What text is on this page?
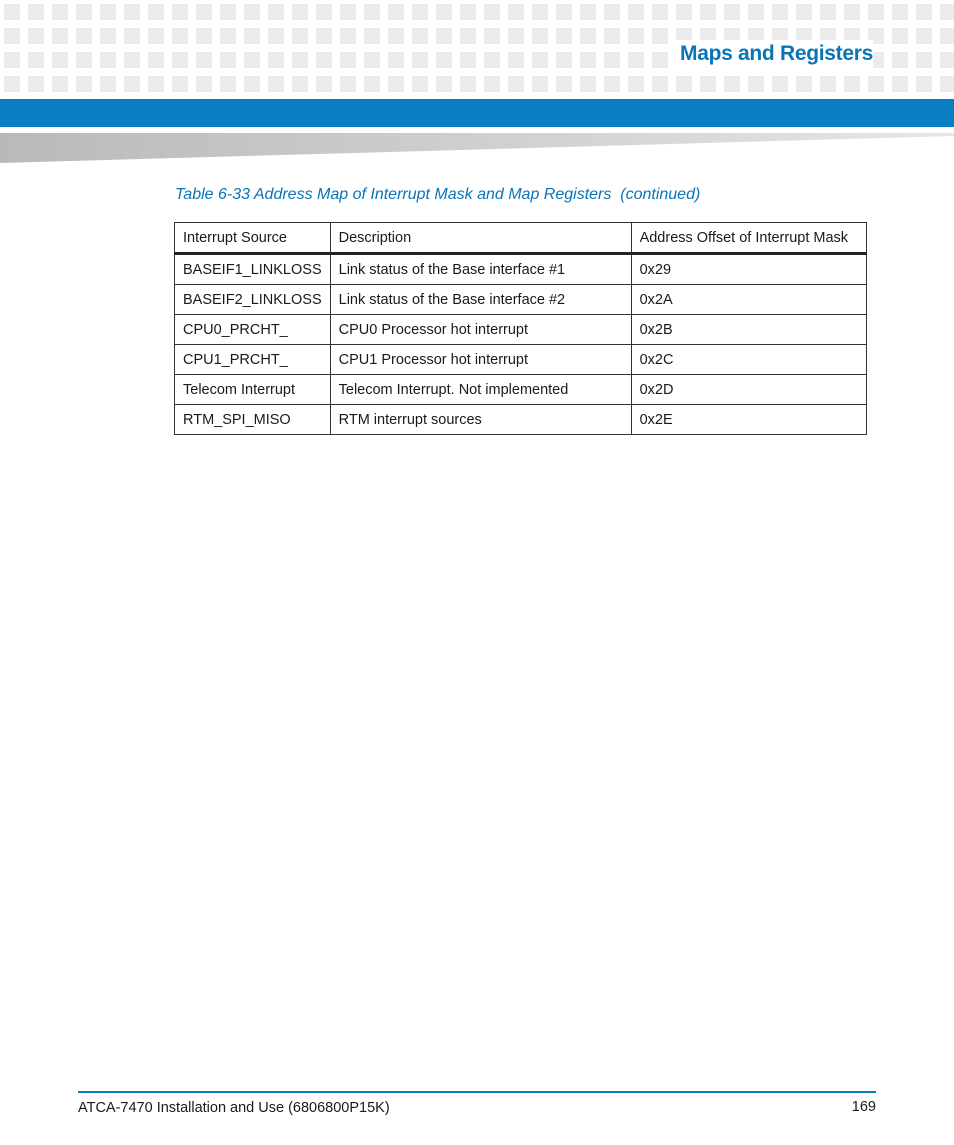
Maps and Registers
Table 6-33 Address Map of Interrupt Mask and Map Registers  (continued)
Interrupt Source	Description	Address Offset of Interrupt Mask
BASEIF1_LINKLOSS	Link status of the Base interface #1	0x29
BASEIF2_LINKLOSS	Link status of the Base interface #2	0x2A
CPU0_PRCHT_	CPU0 Processor hot interrupt	0x2B
CPU1_PRCHT_	CPU1 Processor hot interrupt	0x2C
Telecom Interrupt	Telecom Interrupt. Not implemented	0x2D
RTM_SPI_MISO	RTM interrupt sources	0x2E
ATCA-7470 Installation and Use (6806800P15K)	169
